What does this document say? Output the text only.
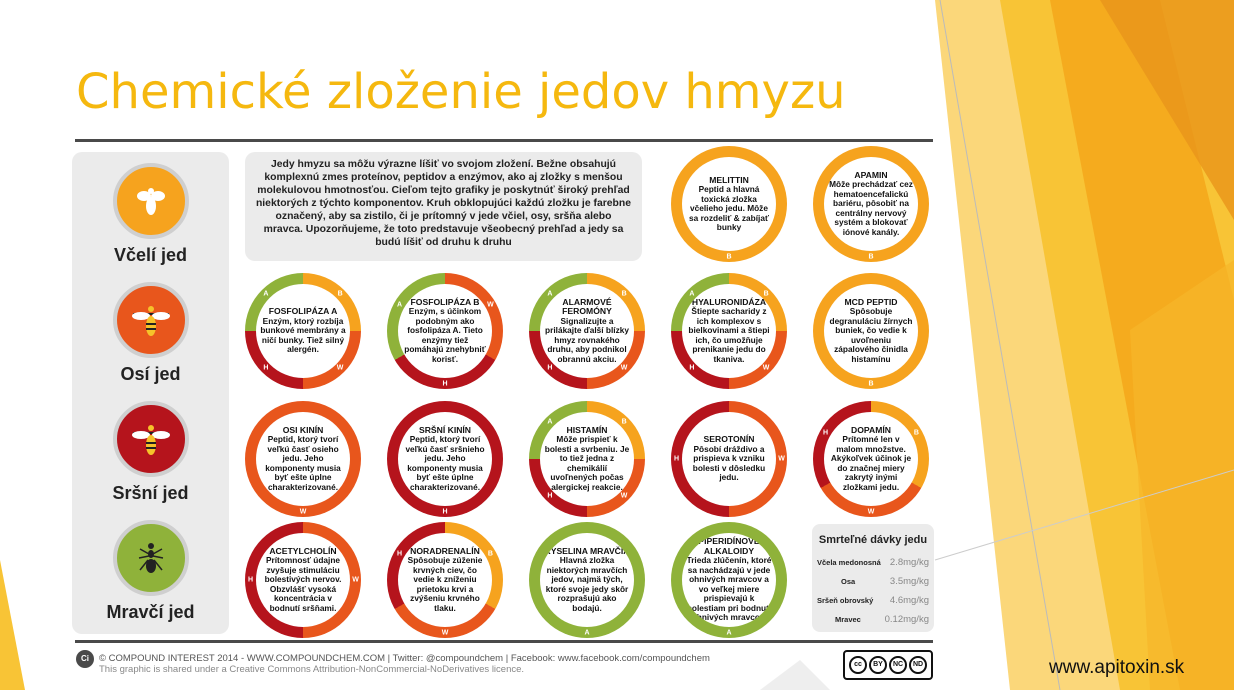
Chemické zloženie jedov hmyzu
Včelí jed
Osí jed
Sršní jed
Mravčí jed
Jedy hmyzu sa môžu výrazne líšiť vo svojom zložení. Bežne obsahujú komplexnú zmes proteínov, peptidov a enzýmov, ako aj zložky s menšou molekulovou hmotnosťou. Cieľom tejto grafiky je poskytnúť široký prehľad niektorých z týchto komponentov. Kruh obklopujúci každú zložku je farebne označený, aby sa zistilo, či je prítomný v jede včiel, osy, sršňa alebo mravca. Upozorňujeme, že toto predstavuje všeobecný prehľad a jedy sa budú líšiť od druhu k druhu
MELITTIN
Peptid a hlavná toxická zložka včelieho jedu. Môže sa rozdeliť & zabíjať bunky
B
APAMIN
Môže prechádzať cez hematoencefalickú bariéru, pôsobiť na centrálny nervový systém a blokovať iónové kanály.
B
FOSFOLIPÁZA A
Enzým, ktorý rozbíja bunkové membrány a ničí bunky. Tiež silný alergén.
B
W
H
A
FOSFOLIPÁZA B
Enzým, s účinkom podobným ako fosfolipáza A. Tieto enzýmy tiež pomáhajú znehybniť korisť.
W
H
A	ALARMOVÉ FEROMÓNY
Signalizujte a prilákajte ďalší blízky hmyz rovnakého druhu, aby podnikol obrannú akciu.
B
W
H
A
HYALURONIDÁZA
Štiepte sacharidy z ich komplexov s bielkovinami a štiepi ich, čo umožňuje prenikanie jedu do tkaniva.
B
W
H
A
MCD PEPTID
Spôsobuje degranuláciu žírnych buniek, čo vedie k uvoľneniu zápalového činidla histamínu
B
OSI KINÍN
Peptid, ktorý tvorí veľkú časť osieho jedu. Jeho komponenty musia byť ešte úplne charakterizované.
W
SRŠNÍ KINÍN
Peptid, ktorý tvorí veľkú časť sršnieho jedu. Jeho komponenty musia byť ešte úplne charakterizované.
H
HISTAMÍN
Môže prispieť k bolesti a svrbeniu. Je to tiež jedna z chemikálií uvoľnených počas alergickej reakcie.
B
W
H
A
SEROTONÍN
Pôsobí dráždivo a prispieva k vzniku bolesti v dôsledku jedu.
W
H
DOPAMÍN
Prítomné len v malom množstve. Akýkoľvek účinok je do značnej miery zakrytý inými zložkami jedu.
B
W
H
ACETYLCHOLÍN
Prítomnosť údajne zvyšuje stimuláciu bolestivých nervov. Obzvlášť vysoká koncentrácia v bodnutí sršňami.
W
H
NORADRENALÍN
Spôsobuje zúženie krvných ciev, čo vedie k zníženiu prietoku krvi a zvýšeniu krvného tlaku.
B
W
H	KYSELINA MRAVČIA
Hlavná zložka niektorých mravčích jedov, najmä tých, ktoré svoje jedy skôr rozprašujú ako bodajú.
A
PIPERIDÍNOVÉ ALKALOIDY
Trieda zlúčenín, ktoré sa nachádzajú v jede ohnivých mravcov a vo veľkej miere prispievajú k bolestiam pri bodnutí ohnivých mravcov.
A
Smrteľné dávky jedu
Včela medonosná 2.8mg/kg
Osa	3.5mg/kg
Sršeň obrovský 4.6mg/kg
Mravec	0.12mg/kg
Ci	© COMPOUND INTEREST 2014 - WWW.COMPOUNDCHEM.COM | Twitter: @compoundchem | Facebook: www.facebook.com/compoundchem
This graphic is shared under a Creative Commons Attribution-NonCommercial-NoDerivatives licence.	cc	BY	NC	ND	www.apitoxin.sk
